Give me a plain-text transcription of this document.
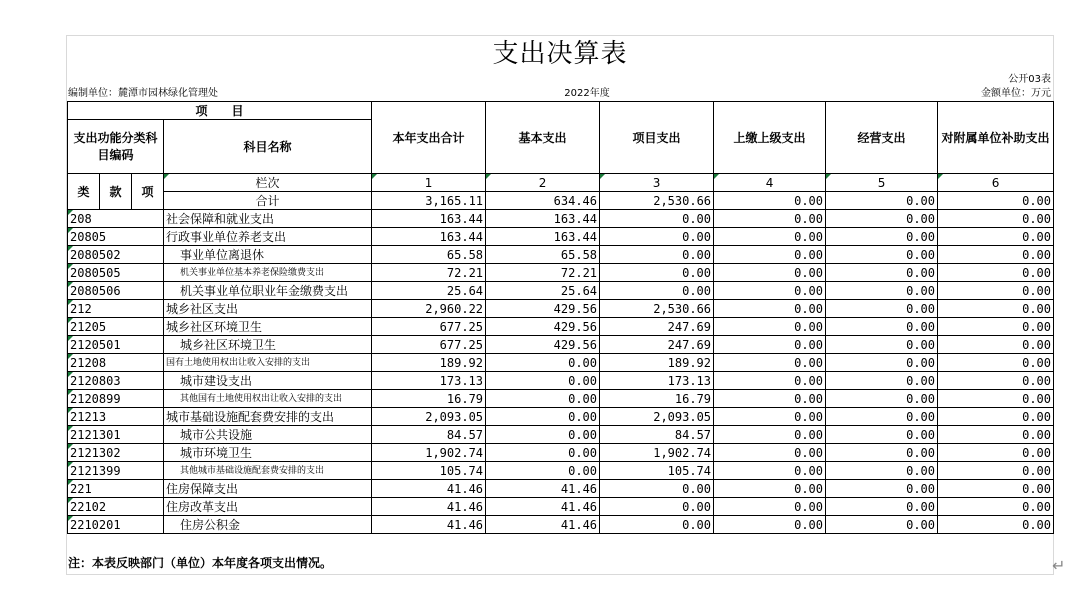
支出决算表
公开03表
编制单位：麓潭市园林绿化管理处	2022年度	金额单位：万元
项　　目				本年支出合计	基本支出	项目支出	上缴上级支出	经营支出	对附属单位补助支出
支出功能分类科目编码			科目名称						

类	款	项	栏次	1	2	3	4	5	6
			合计	3,165.11	634.46	2,530.66	0.00	0.00	0.00
208			社会保障和就业支出	163.44	163.44	0.00	0.00	0.00	0.00
20805			行政事业单位养老支出	163.44	163.44	0.00	0.00	0.00	0.00
2080502			事业单位离退休	65.58	65.58	0.00	0.00	0.00	0.00
2080505			机关事业单位基本养老保险缴费支出	72.21	72.21	0.00	0.00	0.00	0.00
2080506			机关事业单位职业年金缴费支出	25.64	25.64	0.00	0.00	0.00	0.00
212			城乡社区支出	2,960.22	429.56	2,530.66	0.00	0.00	0.00
21205			城乡社区环境卫生	677.25	429.56	247.69	0.00	0.00	0.00
2120501			城乡社区环境卫生	677.25	429.56	247.69	0.00	0.00	0.00
21208			国有土地使用权出让收入安排的支出	189.92	0.00	189.92	0.00	0.00	0.00
2120803			城市建设支出	173.13	0.00	173.13	0.00	0.00	0.00
2120899			其他国有土地使用权出让收入安排的支出	16.79	0.00	16.79	0.00	0.00	0.00
21213			城市基础设施配套费安排的支出	2,093.05	0.00	2,093.05	0.00	0.00	0.00
2121301			城市公共设施	84.57	0.00	84.57	0.00	0.00	0.00
2121302			城市环境卫生	1,902.74	0.00	1,902.74	0.00	0.00	0.00
2121399			其他城市基础设施配套费安排的支出	105.74	0.00	105.74	0.00	0.00	0.00
221			住房保障支出	41.46	41.46	0.00	0.00	0.00	0.00
22102			住房改革支出	41.46	41.46	0.00	0.00	0.00	0.00
2210201			住房公积金	41.46	41.46	0.00	0.00	0.00	0.00
注：本表反映部门（单位）本年度各项支出情况。	↵
